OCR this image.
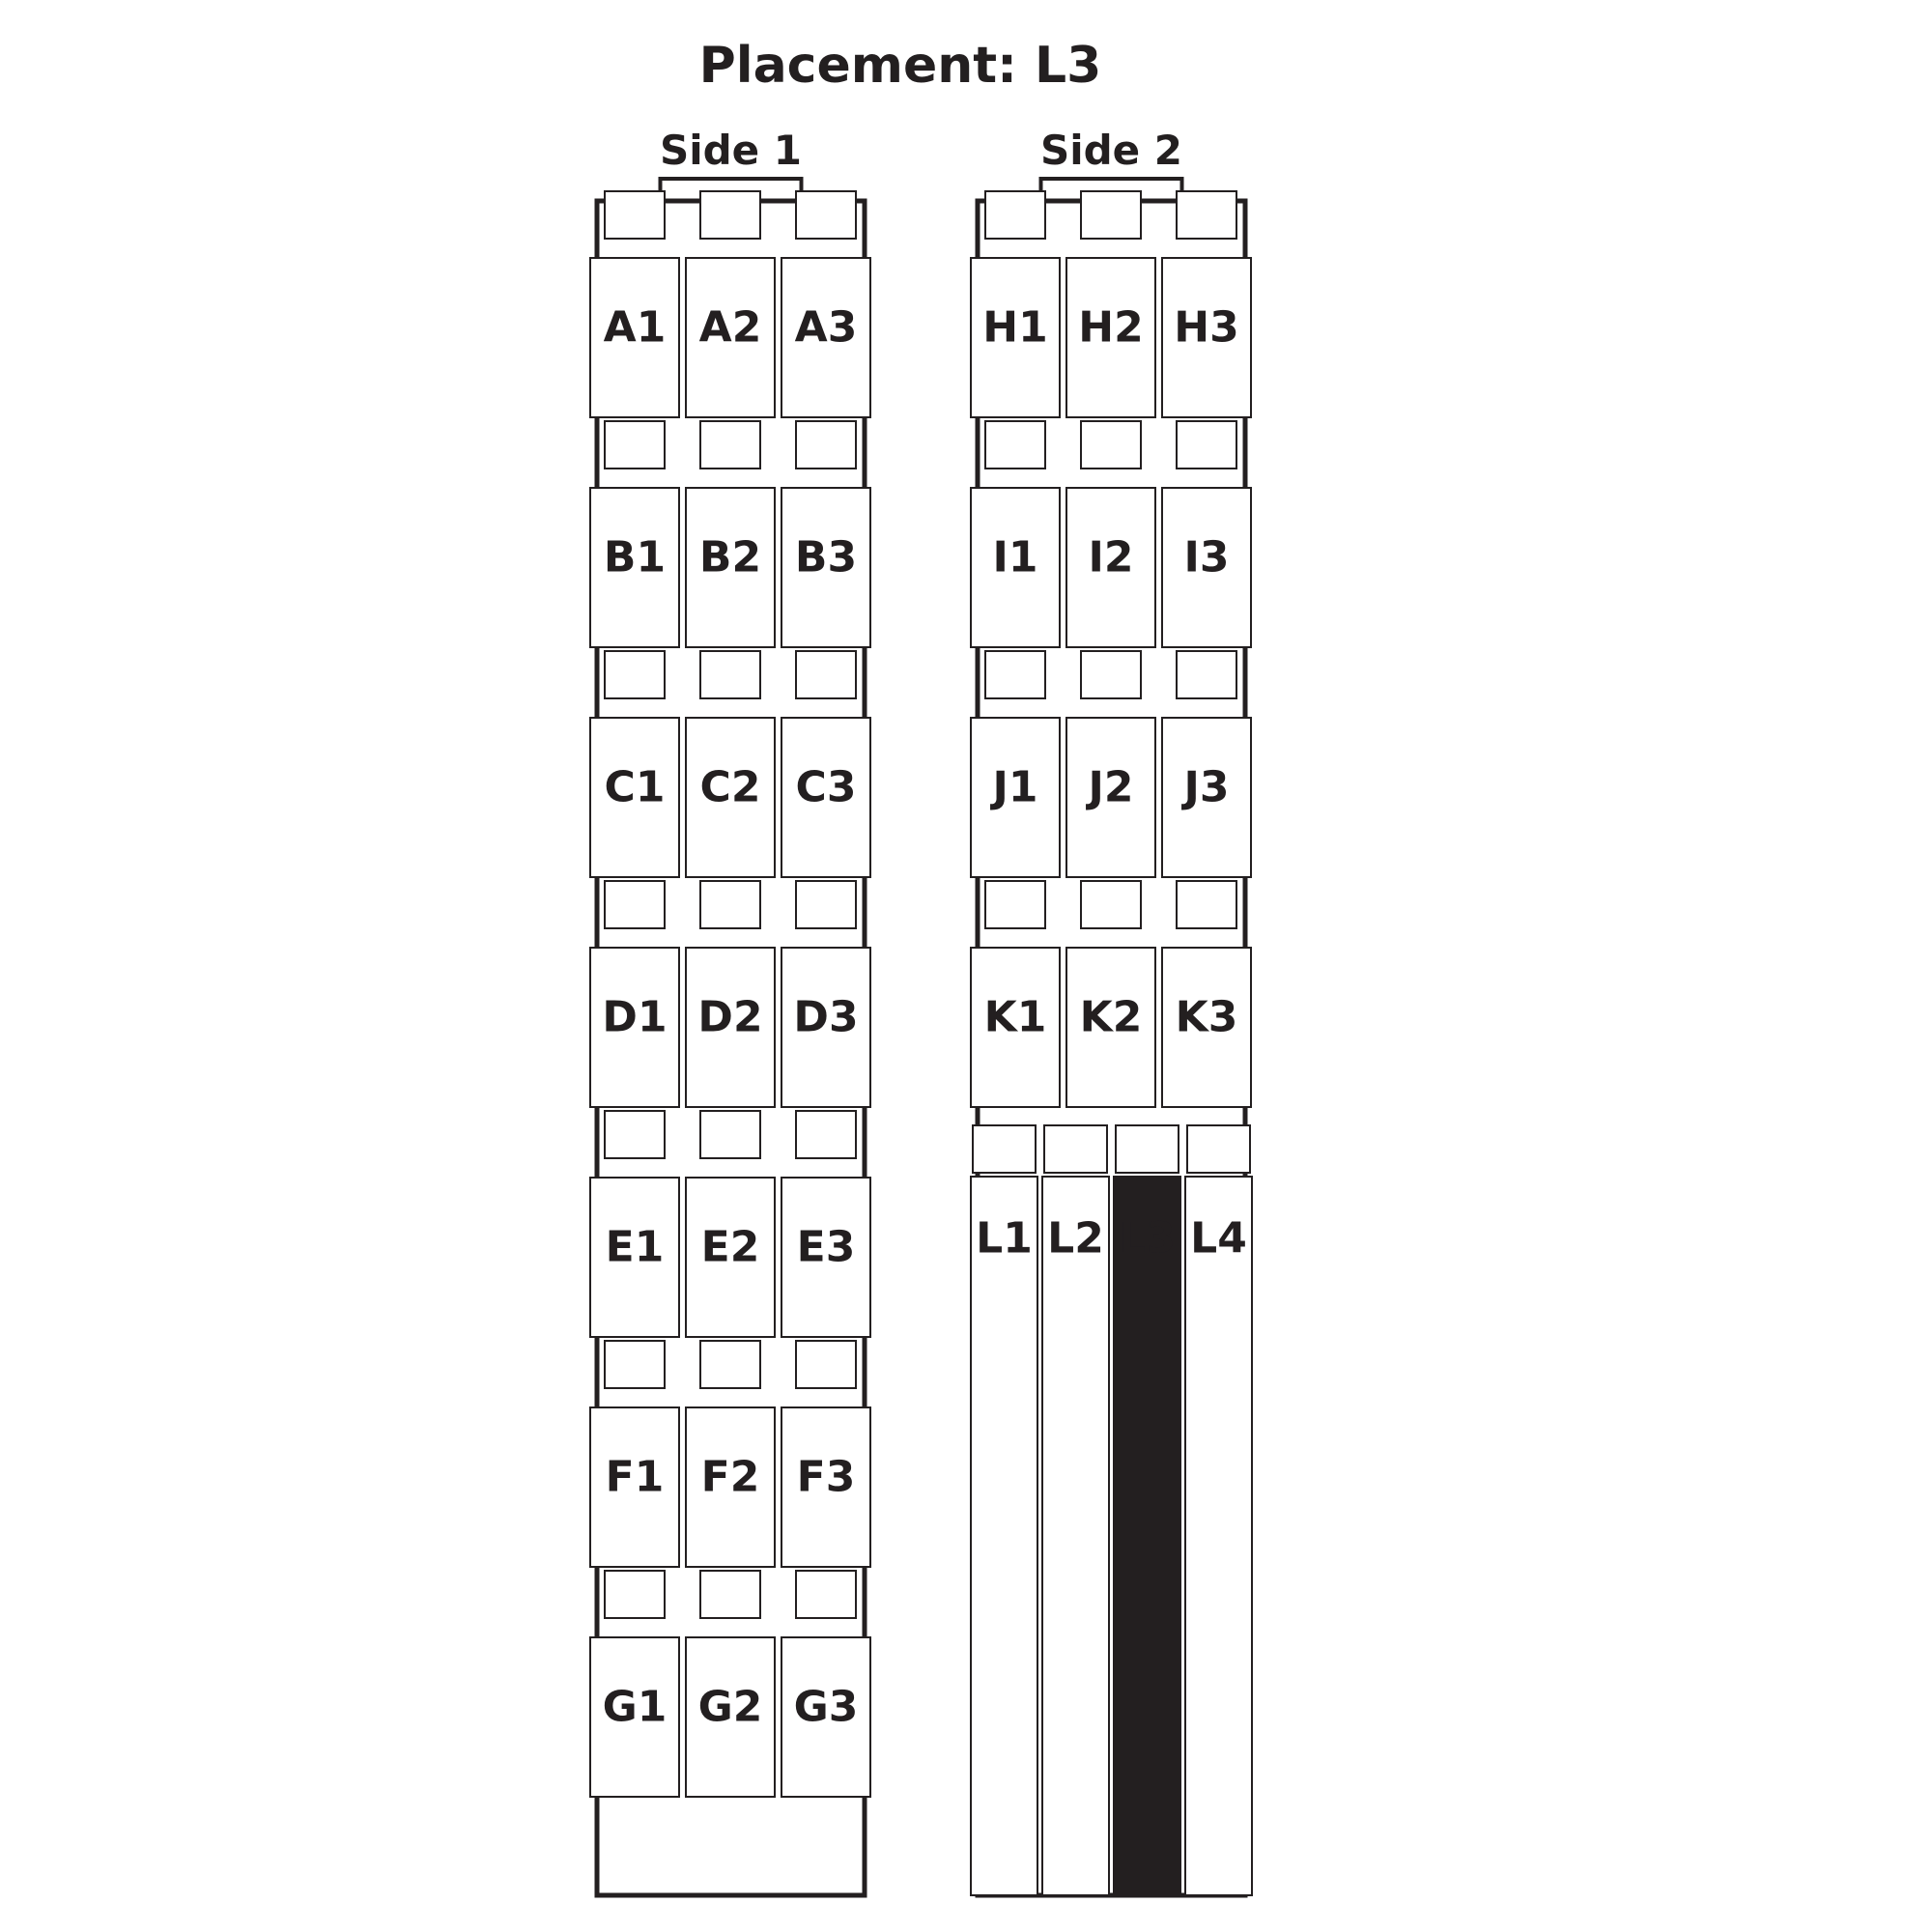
Placement: L3
Side 1
A1 A2 A3
B1 B2 B3
C1 C2 C3
D1 D2 D3
E1 E2 E3
F1 F2 F3
G1 G2 G3
Side 2
H1 H2 H3
I1 I2 I3
J1 J2 J3
K1 K2 K3
L1 L2 L3 L4
